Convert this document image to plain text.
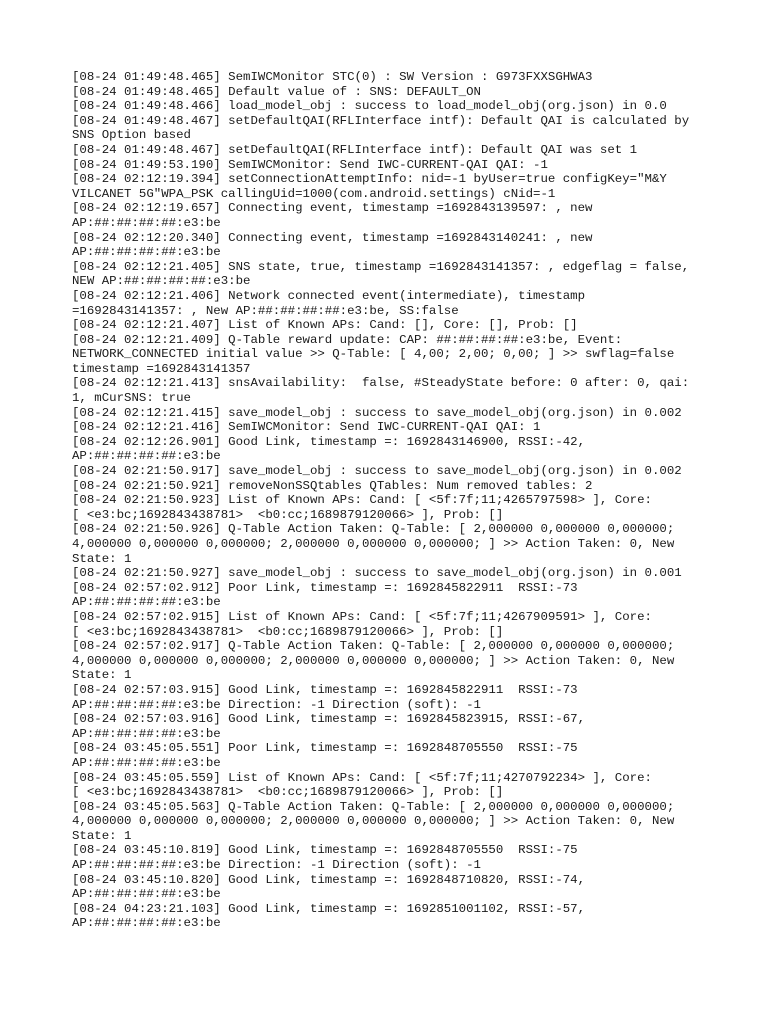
[08-24 01:49:48.465] SemIWCMonitor STC(0) : SW Version : G973FXXSGHWA3
[08-24 01:49:48.465] Default value of : SNS: DEFAULT_ON
[08-24 01:49:48.466] load_model_obj : success to load_model_obj(org.json) in 0.0
[08-24 01:49:48.467] setDefaultQAI(RFLInterface intf): Default QAI is calculated by
SNS Option based
[08-24 01:49:48.467] setDefaultQAI(RFLInterface intf): Default QAI was set 1
[08-24 01:49:53.190] SemIWCMonitor: Send IWC-CURRENT-QAI QAI: -1
[08-24 02:12:19.394] setConnectionAttemptInfo: nid=-1 byUser=true configKey="M&Y
VILCANET 5G"WPA_PSK callingUid=1000(com.android.settings) cNid=-1
[08-24 02:12:19.657] Connecting event, timestamp =1692843139597: , new
AP:##:##:##:##:e3:be
[08-24 02:12:20.340] Connecting event, timestamp =1692843140241: , new
AP:##:##:##:##:e3:be
[08-24 02:12:21.405] SNS state, true, timestamp =1692843141357: , edgeflag = false,
NEW AP:##:##:##:##:e3:be
[08-24 02:12:21.406] Network connected event(intermediate), timestamp
=1692843141357: , New AP:##:##:##:##:e3:be, SS:false
[08-24 02:12:21.407] List of Known APs: Cand: [], Core: [], Prob: []
[08-24 02:12:21.409] Q-Table reward update: CAP: ##:##:##:##:e3:be, Event:
NETWORK_CONNECTED initial value >> Q-Table: [ 4,00; 2,00; 0,00; ] >> swflag=false
timestamp =1692843141357
[08-24 02:12:21.413] snsAvailability:  false, #SteadyState before: 0 after: 0, qai:
1, mCurSNS: true
[08-24 02:12:21.415] save_model_obj : success to save_model_obj(org.json) in 0.002
[08-24 02:12:21.416] SemIWCMonitor: Send IWC-CURRENT-QAI QAI: 1
[08-24 02:12:26.901] Good Link, timestamp =: 1692843146900, RSSI:-42,
AP:##:##:##:##:e3:be
[08-24 02:21:50.917] save_model_obj : success to save_model_obj(org.json) in 0.002
[08-24 02:21:50.921] removeNonSSQtables QTables: Num removed tables: 2
[08-24 02:21:50.923] List of Known APs: Cand: [ <5f:7f;11;4265797598> ], Core:
[ <e3:bc;1692843438781>  <b0:cc;1689879120066> ], Prob: []
[08-24 02:21:50.926] Q-Table Action Taken: Q-Table: [ 2,000000 0,000000 0,000000;
4,000000 0,000000 0,000000; 2,000000 0,000000 0,000000; ] >> Action Taken: 0, New
State: 1
[08-24 02:21:50.927] save_model_obj : success to save_model_obj(org.json) in 0.001
[08-24 02:57:02.912] Poor Link, timestamp =: 1692845822911  RSSI:-73
AP:##:##:##:##:e3:be
[08-24 02:57:02.915] List of Known APs: Cand: [ <5f:7f;11;4267909591> ], Core:
[ <e3:bc;1692843438781>  <b0:cc;1689879120066> ], Prob: []
[08-24 02:57:02.917] Q-Table Action Taken: Q-Table: [ 2,000000 0,000000 0,000000;
4,000000 0,000000 0,000000; 2,000000 0,000000 0,000000; ] >> Action Taken: 0, New
State: 1
[08-24 02:57:03.915] Good Link, timestamp =: 1692845822911  RSSI:-73
AP:##:##:##:##:e3:be Direction: -1 Direction (soft): -1
[08-24 02:57:03.916] Good Link, timestamp =: 1692845823915, RSSI:-67,
AP:##:##:##:##:e3:be
[08-24 03:45:05.551] Poor Link, timestamp =: 1692848705550  RSSI:-75
AP:##:##:##:##:e3:be
[08-24 03:45:05.559] List of Known APs: Cand: [ <5f:7f;11;4270792234> ], Core:
[ <e3:bc;1692843438781>  <b0:cc;1689879120066> ], Prob: []
[08-24 03:45:05.563] Q-Table Action Taken: Q-Table: [ 2,000000 0,000000 0,000000;
4,000000 0,000000 0,000000; 2,000000 0,000000 0,000000; ] >> Action Taken: 0, New
State: 1
[08-24 03:45:10.819] Good Link, timestamp =: 1692848705550  RSSI:-75
AP:##:##:##:##:e3:be Direction: -1 Direction (soft): -1
[08-24 03:45:10.820] Good Link, timestamp =: 1692848710820, RSSI:-74,
AP:##:##:##:##:e3:be
[08-24 04:23:21.103] Good Link, timestamp =: 1692851001102, RSSI:-57,
AP:##:##:##:##:e3:be
